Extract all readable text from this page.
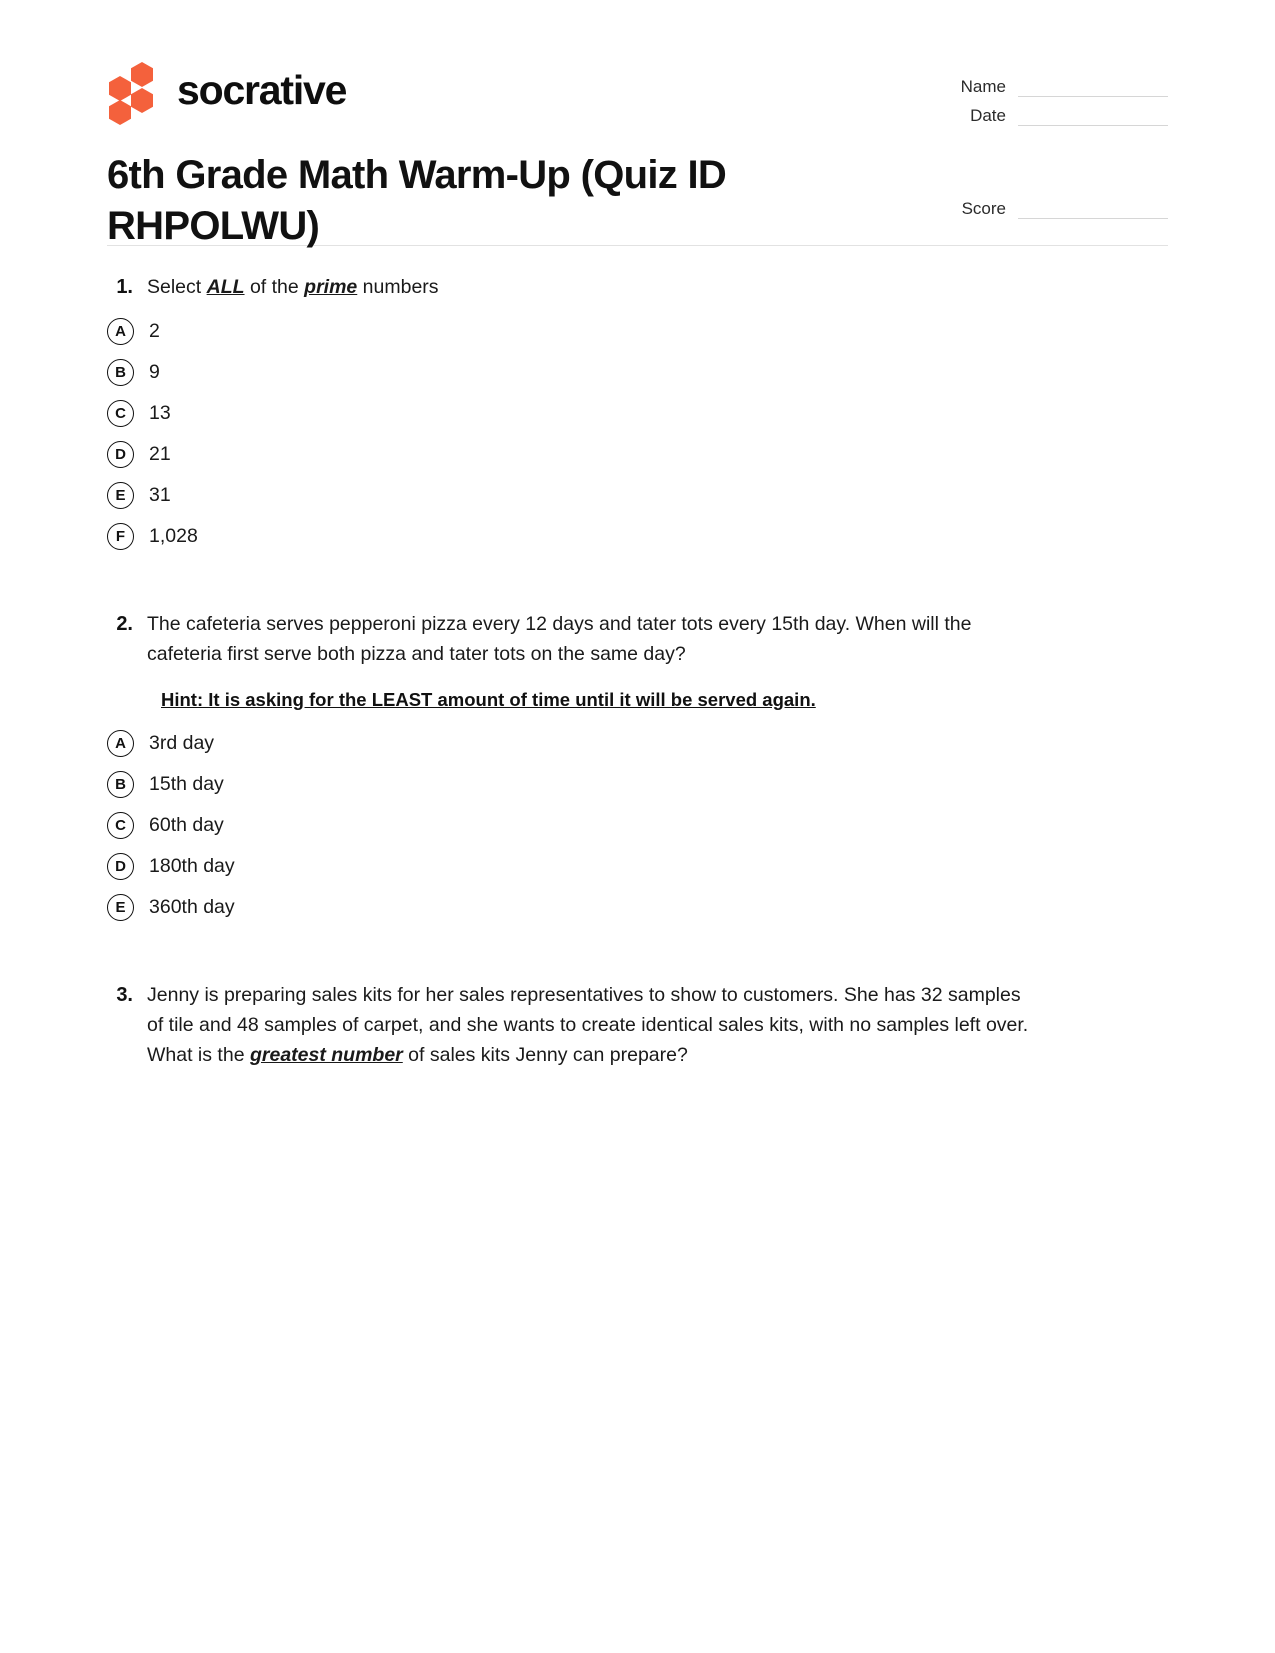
socrative	Name
Date
Score
6th Grade Math Warm-Up (Quiz ID RHPOLWU)
1. Select ALL of the prime numbers
A	2
B	9
C	13
D	21
E	31
F	1,028
2. The cafeteria serves pepperoni pizza every 12 days and tater tots every 15th day. When will the cafeteria first serve both pizza and tater tots on the same day?
Hint: It is asking for the LEAST amount of time until it will be served again.
A	3rd day
B	15th day
C	60th day
D	180th day
E	360th day
3. Jenny is preparing sales kits for her sales representatives to show to customers. She has 32 samples of tile and 48 samples of carpet, and she wants to create identical sales kits, with no samples left over. What is the greatest number of sales kits Jenny can prepare?
